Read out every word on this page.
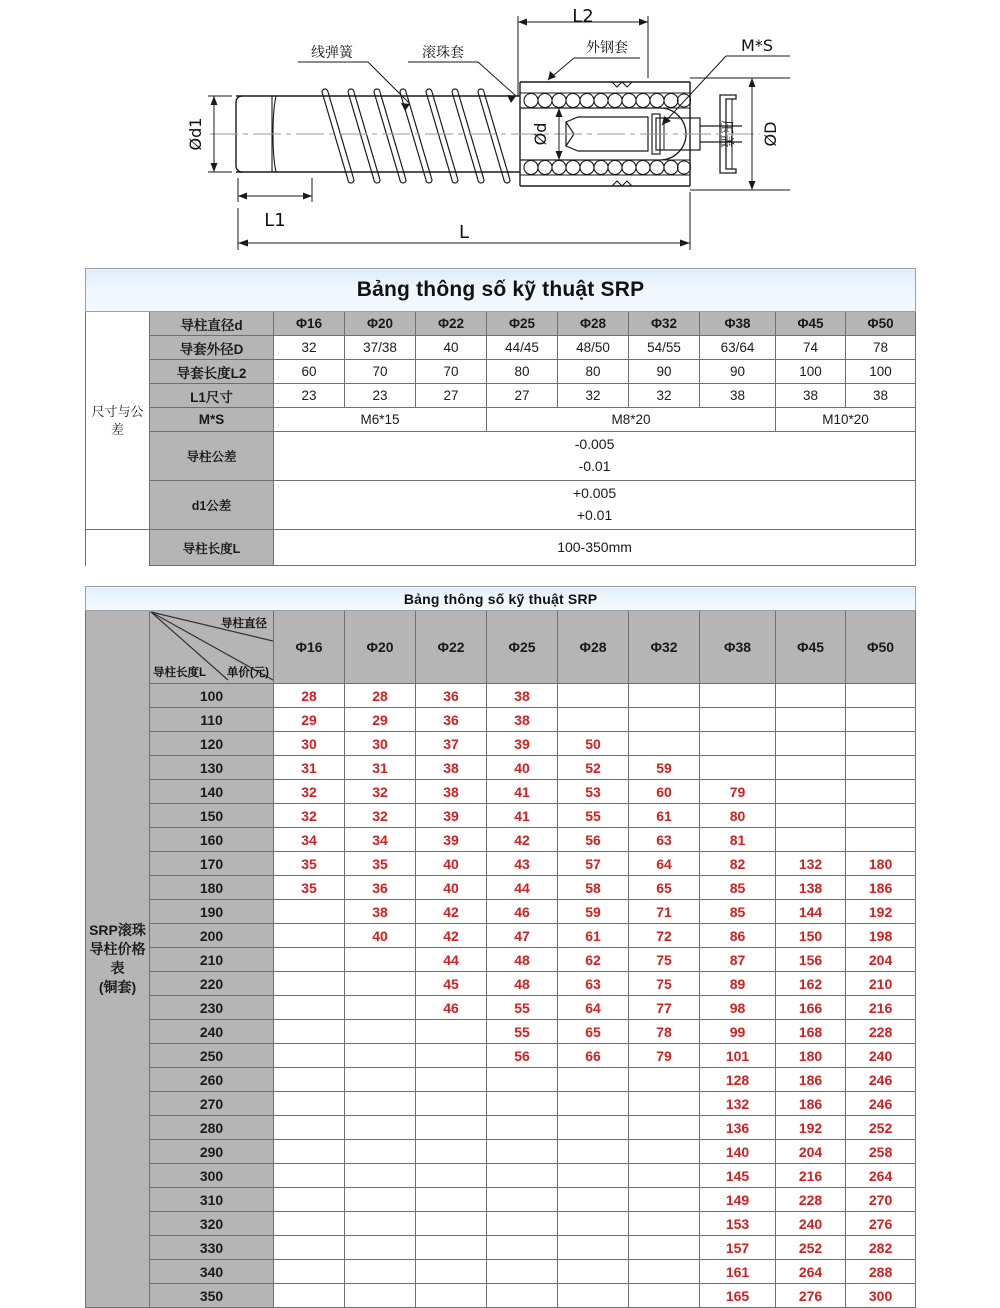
线弹簧	滚珠套	外钢套	M*S
压盖
Ød1	Ød	ØD
L1
L2
L
Bảng thông số kỹ thuật SRP										
尺寸与公差	导柱直径d	Φ16	Φ20	Φ22	Φ25	Φ28	Φ32	Φ38	Φ45	Φ50
	导套外径D	32	37/38	40	44/45	48/50	54/55	63/64	74	78
	导套长度L2	60	70	70	80	80	90	90	100	100
	L1尺寸	23	23	27	27	32	32	38	38	38
	M*S	M6*15			M8*20				M10*20	
	导柱公差	-0.005
-0.01								

	d1公差	+0.005
+0.01								

	导柱长度L	100-350mm								
Bảng thông số kỹ thuật SRP										

SRP滚珠
导柱价格
表
(铜套)

导柱直径
单价(元)
导柱长度L
	Φ16	Φ20	Φ22	Φ25	Φ28	Φ32	Φ38	Φ45	Φ50
	100	28	28	36	38					
	110	29	29	36	38					
	120	30	30	37	39	50				
	130	31	31	38	40	52	59			
	140	32	32	38	41	53	60	79		
	150	32	32	39	41	55	61	80		
	160	34	34	39	42	56	63	81		
	170	35	35	40	43	57	64	82	132	180
	180	35	36	40	44	58	65	85	138	186
	190		38	42	46	59	71	85	144	192
	200		40	42	47	61	72	86	150	198
	210			44	48	62	75	87	156	204
	220			45	48	63	75	89	162	210
	230			46	55	64	77	98	166	216
	240				55	65	78	99	168	228
	250				56	66	79	101	180	240
	260							128	186	246
	270							132	186	246
	280							136	192	252
	290							140	204	258
	300							145	216	264
	310							149	228	270
	320							153	240	276
	330							157	252	282
	340							161	264	288
	350							165	276	300
